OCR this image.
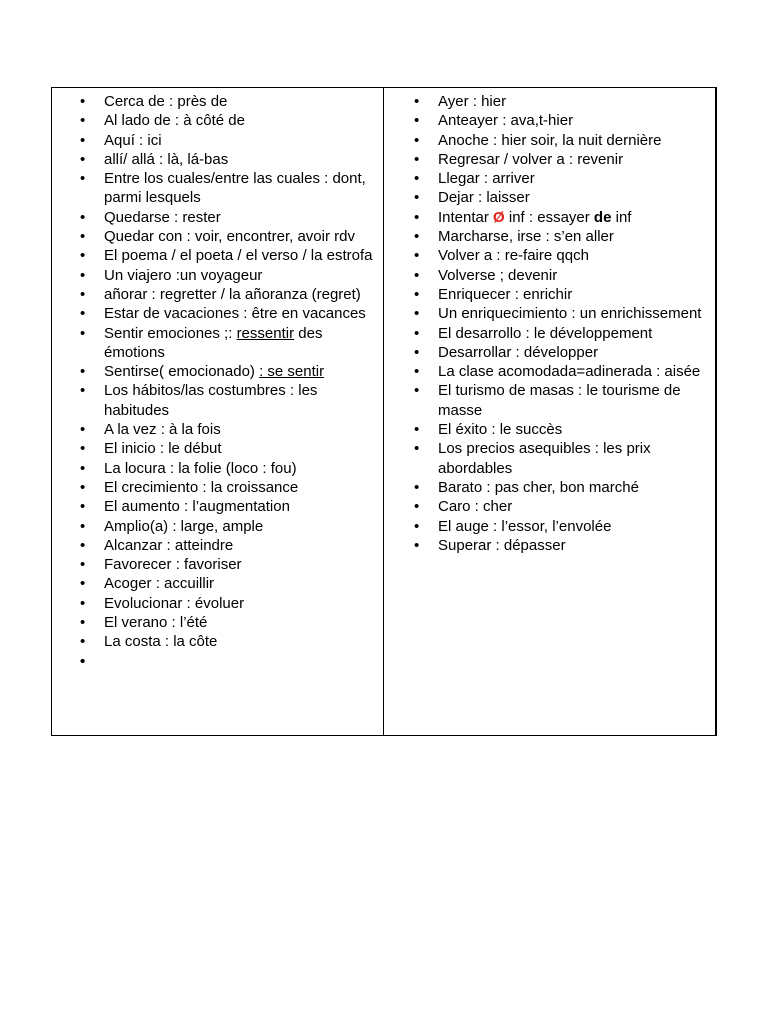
• Cerca de : près de
• Al lado de : à côté de
• Aquí : ici
• allí/ allá : là, lá-bas
• Entre los cuales/entre las cuales : dont, parmi lesquels
• Quedarse : rester
• Quedar con : voir, encontrer, avoir rdv
• El poema / el poeta / el verso / la estrofa
• Un viajero :un voyageur
• añorar : regretter / la añoranza (regret)
• Estar de vacaciones : être en vacances
• Sentir emociones ;: ressentir des émotions
• Sentirse( emocionado) : se sentir
• Los hábitos/las costumbres : les habitudes
• A la vez : à la fois
• El inicio : le début
• La locura : la folie (loco : fou)
• El crecimiento : la croissance
• El aumento : l’augmentation
• Amplio(a) : large, ample
• Alcanzar : atteindre
• Favorecer : favoriser
• Acoger : accuillir
• Evolucionar : évoluer
• El verano : l’été
• La costa : la côte
• Ayer : hier
• Anteayer : ava,t-hier
• Anoche : hier soir, la nuit dernière
• Regresar / volver a : revenir
• Llegar : arriver
• Dejar : laisser
• Intentar Ø inf : essayer de inf
• Marcharse, irse : s’en aller
• Volver a : re-faire qqch
• Volverse ; devenir
• Enriquecer : enrichir
• Un enriquecimiento : un enrichissement
• El desarrollo : le développement
• Desarrollar : développer
• La clase acomodada=adinerada : aisée
• El turismo de masas : le tourisme de masse
• El éxito : le succès
• Los precios asequibles : les prix abordables
• Barato : pas cher, bon marché
• Caro : cher
• El auge : l’essor, l’envolée
• Superar : dépasser
